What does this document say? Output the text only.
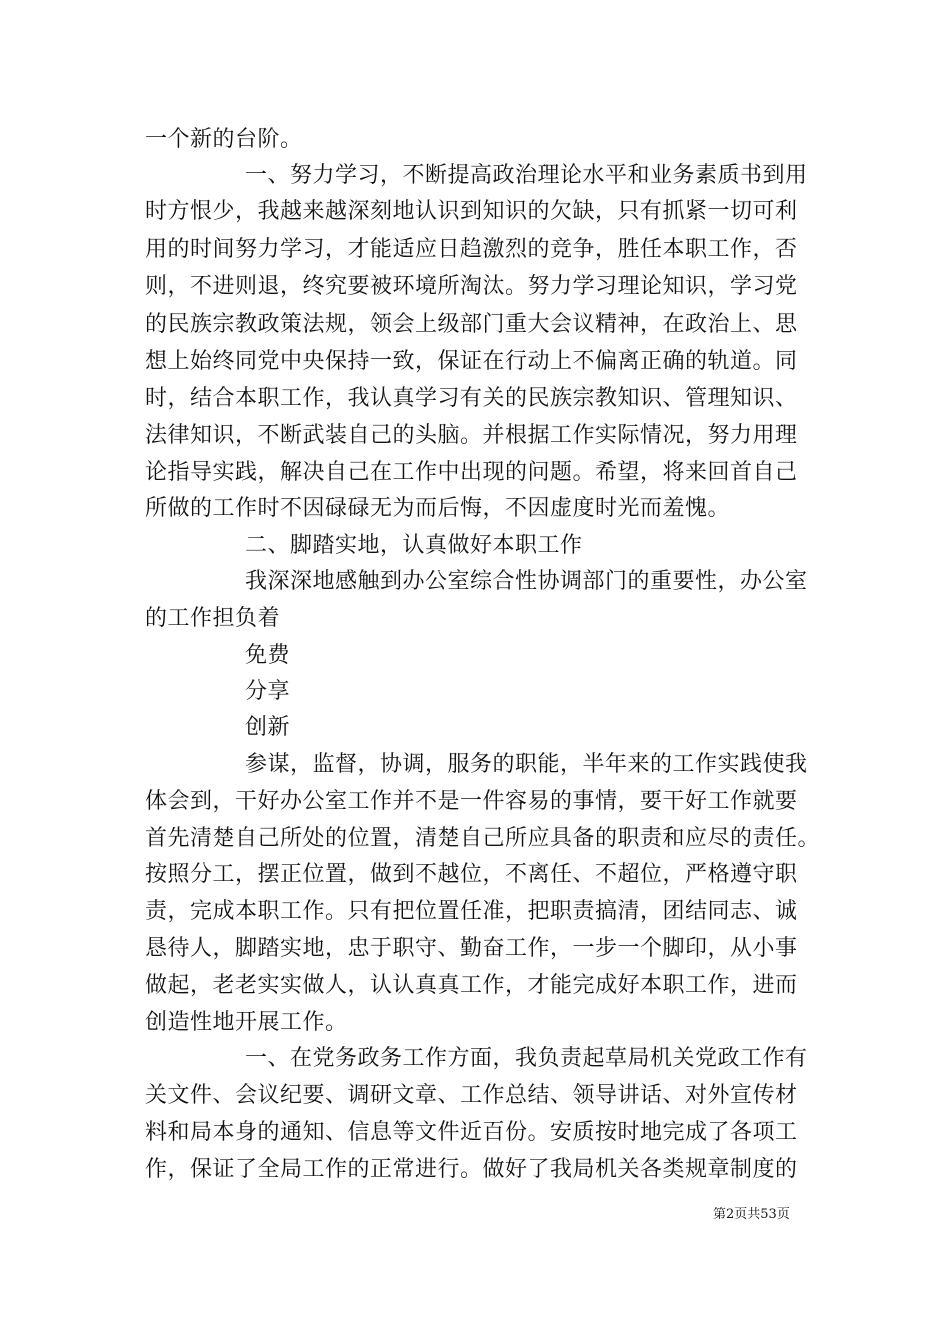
一个新的台阶。
一、努力学习，不断提高政治理论水平和业务素质书到用
时方恨少，我越来越深刻地认识到知识的欠缺，只有抓紧一切可利
用的时间努力学习，才能适应日趋激烈的竞争，胜任本职工作，否
则，不进则退，终究要被环境所淘汰。努力学习理论知识，学习党
的民族宗教政策法规，领会上级部门重大会议精神，在政治上、思
想上始终同党中央保持一致，保证在行动上不偏离正确的轨道。同
时，结合本职工作，我认真学习有关的民族宗教知识、管理知识、
法律知识，不断武装自己的头脑。并根据工作实际情况，努力用理
论指导实践，解决自己在工作中出现的问题。希望，将来回首自己
所做的工作时不因碌碌无为而后悔，不因虚度时光而羞愧。
二、脚踏实地，认真做好本职工作
我深深地感触到办公室综合性协调部门的重要性，办公室
的工作担负着
免费
分享
创新
参谋，监督，协调，服务的职能，半年来的工作实践使我
体会到，干好办公室工作并不是一件容易的事情，要干好工作就要
首先清楚自己所处的位置，清楚自己所应具备的职责和应尽的责任。
按照分工，摆正位置，做到不越位，不离任、不超位，严格遵守职
责，完成本职工作。只有把位置任准，把职责搞清，团结同志、诚
恳待人，脚踏实地，忠于职守、勤奋工作，一步一个脚印，从小事
做起，老老实实做人，认认真真工作，才能完成好本职工作，进而
创造性地开展工作。
一、在党务政务工作方面，我负责起草局机关党政工作有
关文件、会议纪要、调研文章、工作总结、领导讲话、对外宣传材
料和局本身的通知、信息等文件近百份。安质按时地完成了各项工
作，保证了全局工作的正常进行。做好了我局机关各类规章制度的
第2页共53页
